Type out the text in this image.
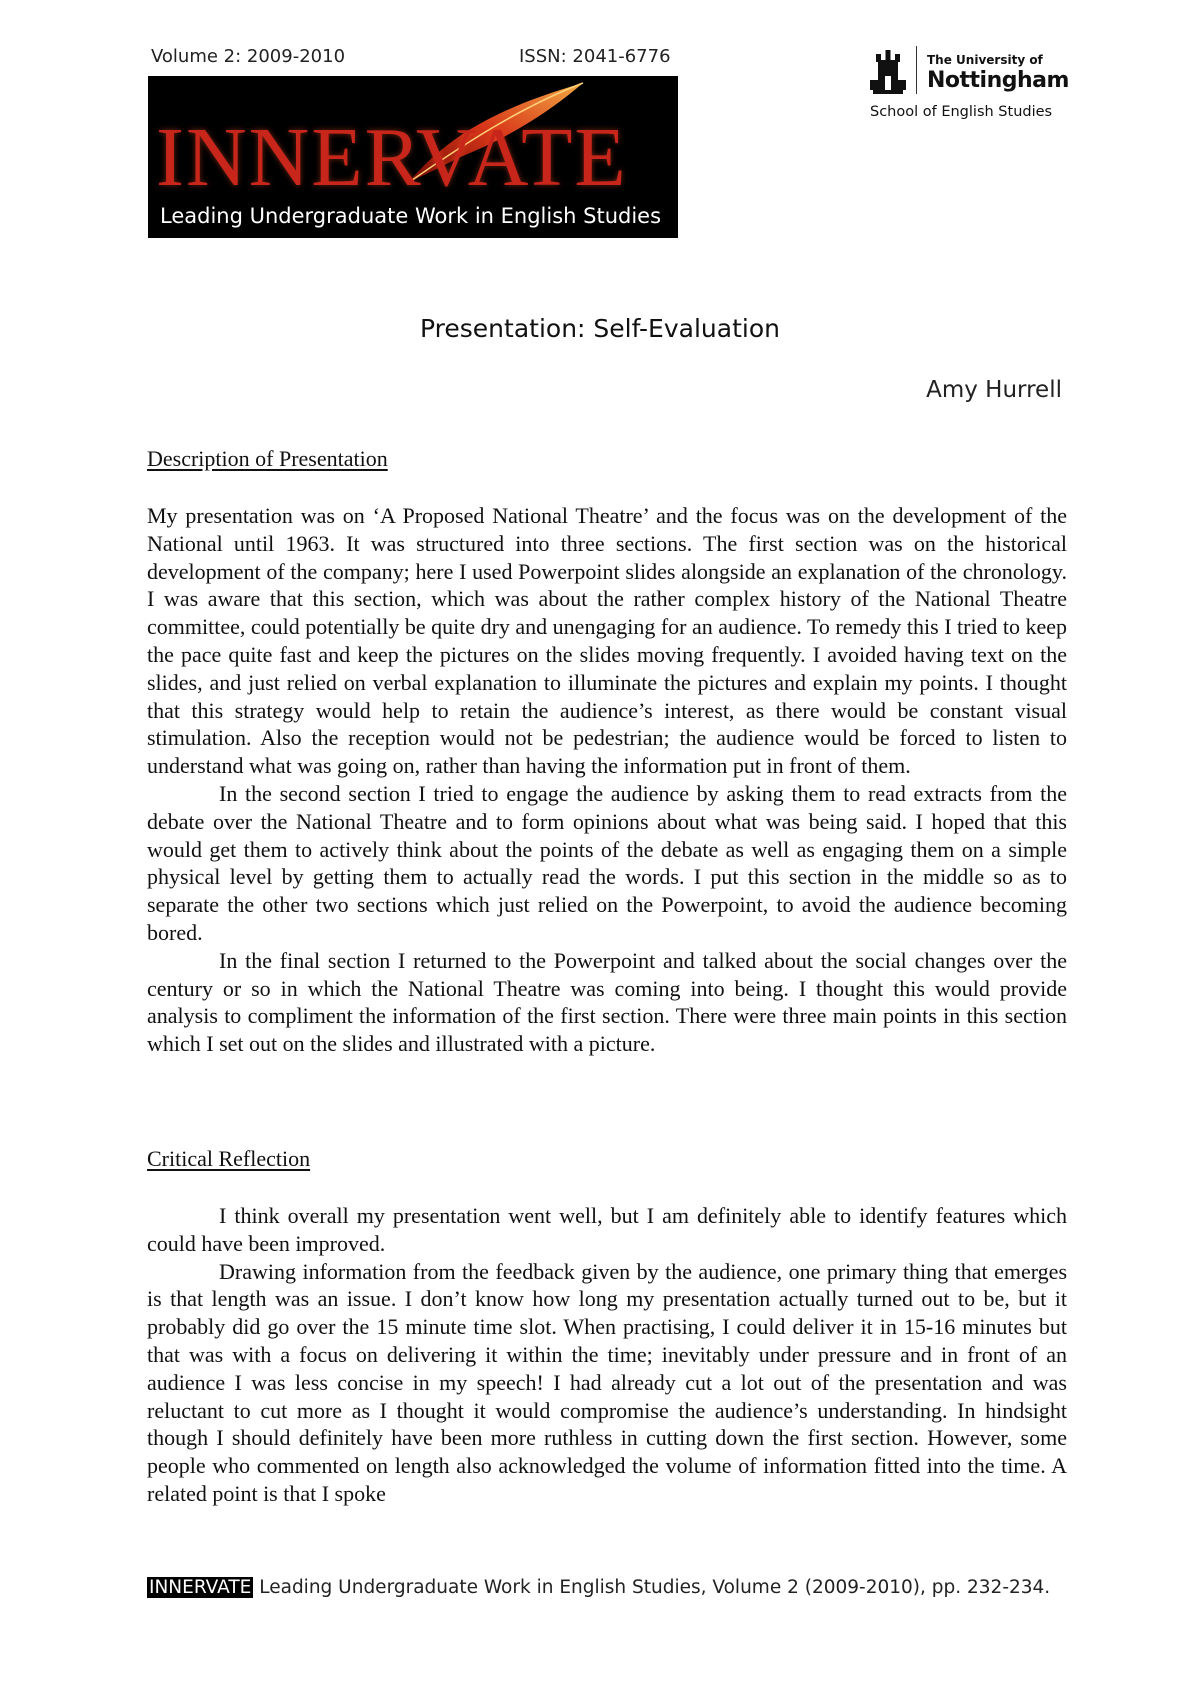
Volume 2: 2009-2010	ISSN: 2041-6776
INNERVATE
Leading Undergraduate Work in English Studies
The University of
Nottingham
School of English Studies
Presentation: Self-Evaluation
Amy Hurrell
Description of Presentation

My presentation was on ‘A Proposed National Theatre’ and the focus was on the development of the National until 1963. It was structured into three sections. The first section was on the historical development of the company; here I used Powerpoint slides alongside an explanation of the chronology. I was aware that this section, which was about the rather complex history of the National Theatre committee, could potentially be quite dry and unengaging for an audience. To remedy this I tried to keep the pace quite fast and keep the pictures on the slides moving frequently. I avoided having text on the slides, and just relied on verbal explanation to illuminate the pictures and explain my points. I thought that this strategy would help to retain the audience’s interest, as there would be constant visual stimulation. Also the reception would not be pedestrian; the audience would be forced to listen to understand what was going on, rather than having the information put in front of them.

In the second section I tried to engage the audience by asking them to read extracts from the debate over the National Theatre and to form opinions about what was being said. I hoped that this would get them to actively think about the points of the debate as well as engaging them on a simple physical level by getting them to actually read the words. I put this section in the middle so as to separate the other two sections which just relied on the Powerpoint, to avoid the audience becoming bored.

In the final section I returned to the Powerpoint and talked about the social changes over the century or so in which the National Theatre was coming into being. I thought this would provide analysis to compliment the information of the first section. There were three main points in this section which I set out on the slides and illustrated with a picture.

Critical Reflection

I think overall my presentation went well, but I am definitely able to identify features which could have been improved.

Drawing information from the feedback given by the audience, one primary thing that emerges is that length was an issue. I don’t know how long my presentation actually turned out to be, but it probably did go over the 15 minute time slot. When practising, I could deliver it in 15-16 minutes but that was with a focus on delivering it within the time; inevitably under pressure and in front of an audience I was less concise in my speech! I had already cut a lot out of the presentation and was reluctant to cut more as I thought it would compromise the audience’s understanding. In hindsight though I should definitely have been more ruthless in cutting down the first section. However, some people who commented on length also acknowledged the volume of information fitted into the time. A related point is that I spoke

INNERVATE Leading Undergraduate Work in English Studies, Volume 2 (2009-2010), pp. 232-234.
